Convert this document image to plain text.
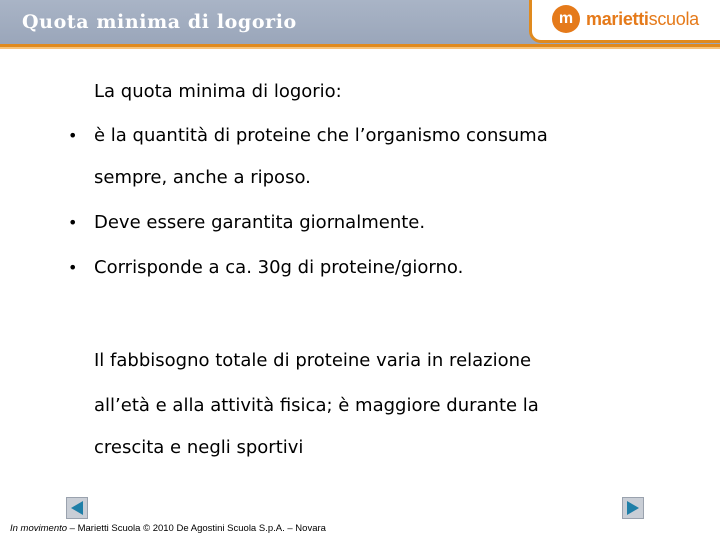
Quota minima di logorio	m mariettiscuola
La quota minima di logorio:
• è la quantità di proteine che l’organismo consuma
sempre, anche a riposo.
• Deve essere garantita giornalmente.
• Corrisponde a ca. 30g di proteine/giorno.
Il fabbisogno totale di proteine varia in relazione
all’età e alla attività fisica; è maggiore durante la
crescita e negli sportivi
In movimento – Marietti Scuola © 2010 De Agostini Scuola S.p.A. – Novara
